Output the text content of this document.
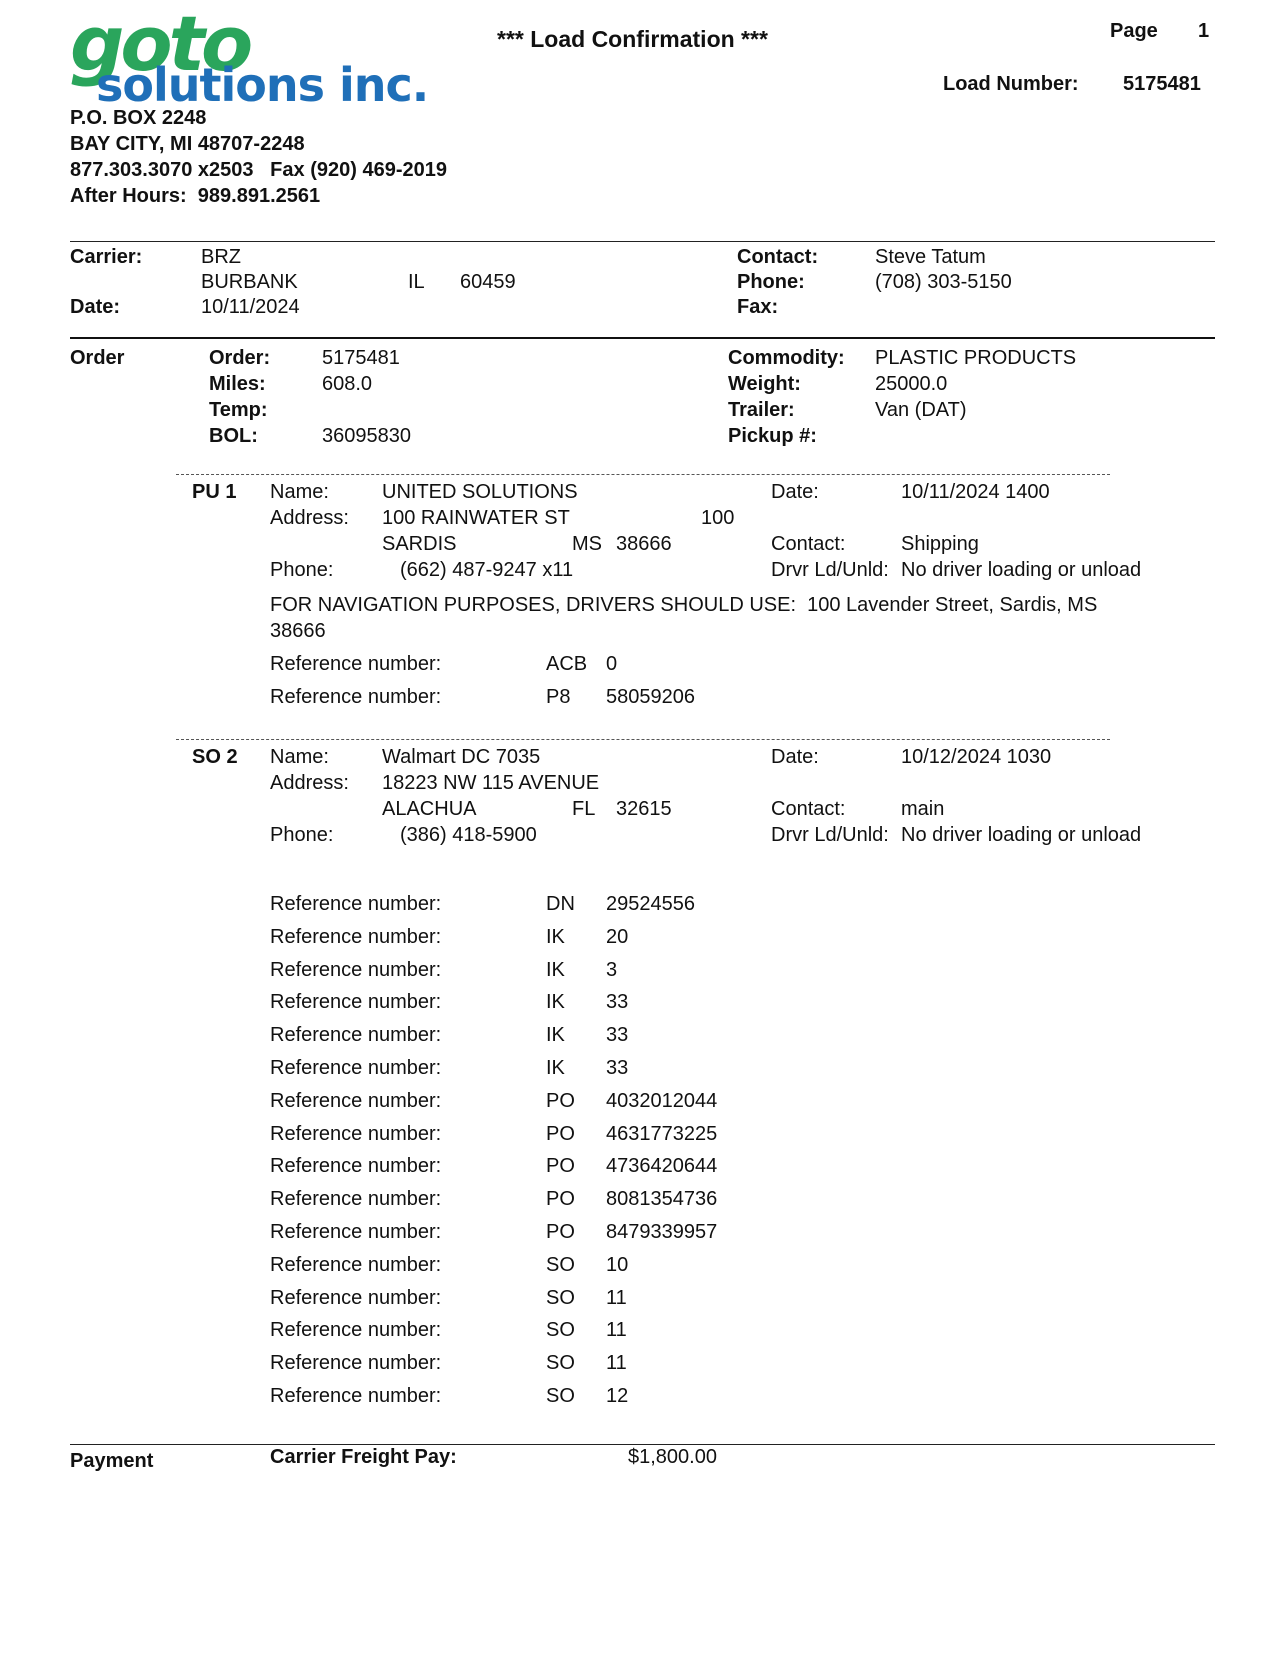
goto
solutions inc.
P.O. BOX 2248
BAY CITY, MI 48707-2248
877.303.3070 x2503   Fax (920) 469-2019
After Hours:  989.891.2561
*** Load Confirmation ***	Page 1
Load Number: 5175481
Carrier:	BRZ
BURBANK	IL 60459
Date:	10/11/2024
Contact:	Steve Tatum
Phone:	(708) 303-5150
Fax:
Order	Order:	5175481
Miles:	608.0
Temp:
BOL:	36095830
Commodity: PLASTIC PRODUCTS
Weight:	25000.0
Trailer:	Van (DAT)
Pickup #:
PU 1 Name:	UNITED SOLUTIONS
Address: 100 RAINWATER ST	100
SARDIS	MS 38666
Phone:	(662) 487-9247 x11
Date:	10/11/2024 1400
Contact:	Shipping
Drvr Ld/Unld: No driver loading or unload
FOR NAVIGATION PURPOSES, DRIVERS SHOULD USE:  100 Lavender Street, Sardis, MS
38666
Reference number:	ACB 0
Reference number:	P8 58059206
SO 2 Name:	Walmart DC 7035
Address: 18223 NW 115 AVENUE
ALACHUA	FL 32615
Phone:	(386) 418-5900
Date:	10/12/2024 1030
Contact:	main
Drvr Ld/Unld: No driver loading or unload
Reference number:	DN 29524556
Reference number:	IK 20
Reference number:	IK 3
Reference number:	IK 33
Reference number:	IK 33
Reference number:	IK 33
Reference number:	PO 4032012044
Reference number:	PO 4631773225
Reference number:	PO 4736420644
Reference number:	PO 8081354736
Reference number:	PO 8479339957
Reference number:	SO 10
Reference number:	SO 11
Reference number:	SO 11
Reference number:	SO 11
Reference number:	SO 12
Payment	Carrier Freight Pay:	$1,800.00
